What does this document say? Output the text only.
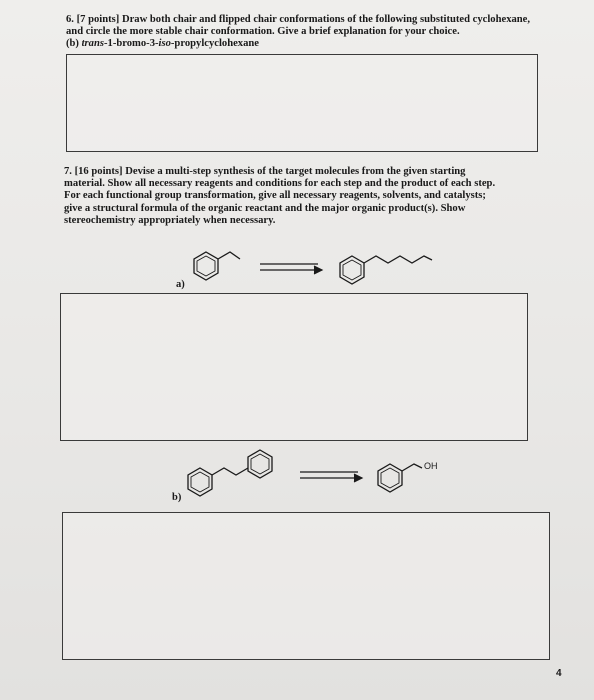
6. [7 points] Draw both chair and flipped chair conformations of the following substituted cyclohexane,
and circle the more stable chair conformation. Give a brief explanation for your choice.
(b) trans-1-bromo-3-iso-propylcyclohexane
7. [16 points] Devise a multi-step synthesis of the target molecules from the given starting
material. Show all necessary reagents and conditions for each step and the product of each step.
For each functional group transformation, give all necessary reagents, solvents, and catalysts;
give a structural formula of the organic reactant and the major organic product(s). Show
stereochemistry appropriately when necessary.
a)
b)
OH
4
